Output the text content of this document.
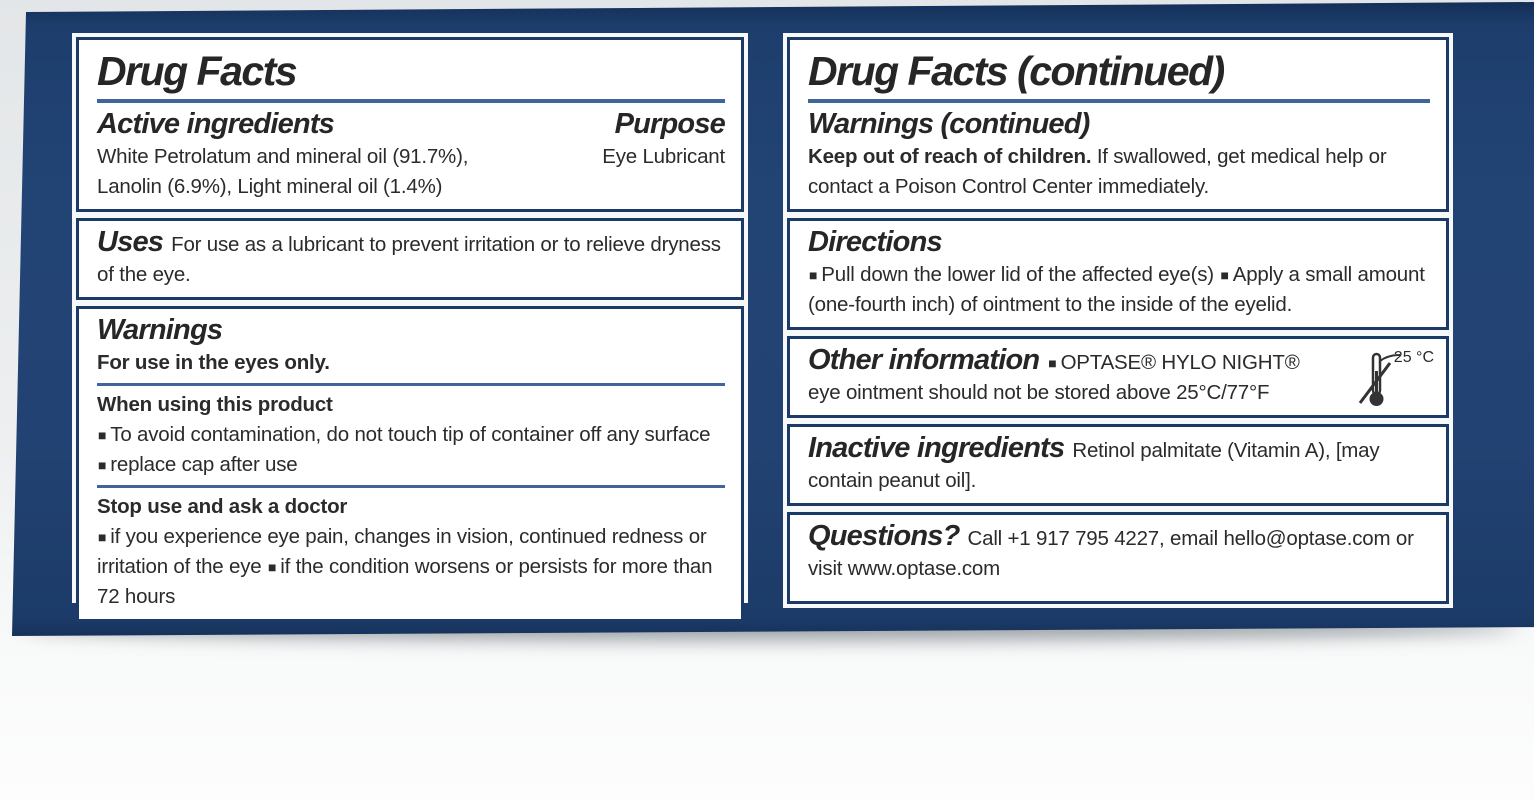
Drug Facts
Active ingredients	Purpose

White Petrolatum and mineral oil (91.7%), Lanolin (6.9%), Light mineral oil (1.4%)

Eye Lubricant

Uses For use as a lubricant to prevent irritation or to relieve dryness of the eye.

Warnings

For use in the eyes only.

When using this product

■ To avoid contamination, do not touch tip of container off any surface ■ replace cap after use

Stop use and ask a doctor

■ if you experience eye pain, changes in vision, continued redness or irritation of the eye ■ if the condition worsens or persists for more than 72 hours

Drug Facts (continued)
Warnings (continued)

Keep out of reach of children. If swallowed, get medical help or contact a Poison Control Center immediately.

Directions

■ Pull down the lower lid of the affected eye(s) ■ Apply a small amount (one-fourth inch) of ointment to the inside of the eyelid.

Other information ■ OPTASE® HYLO NIGHT® eye ointment should not be stored above 25°C/77°F

25 °C

Inactive ingredients Retinol palmitate (Vitamin A), [may contain peanut oil].

Questions? Call +1 917 795 4227, email hello@optase.com or visit www.optase.com
